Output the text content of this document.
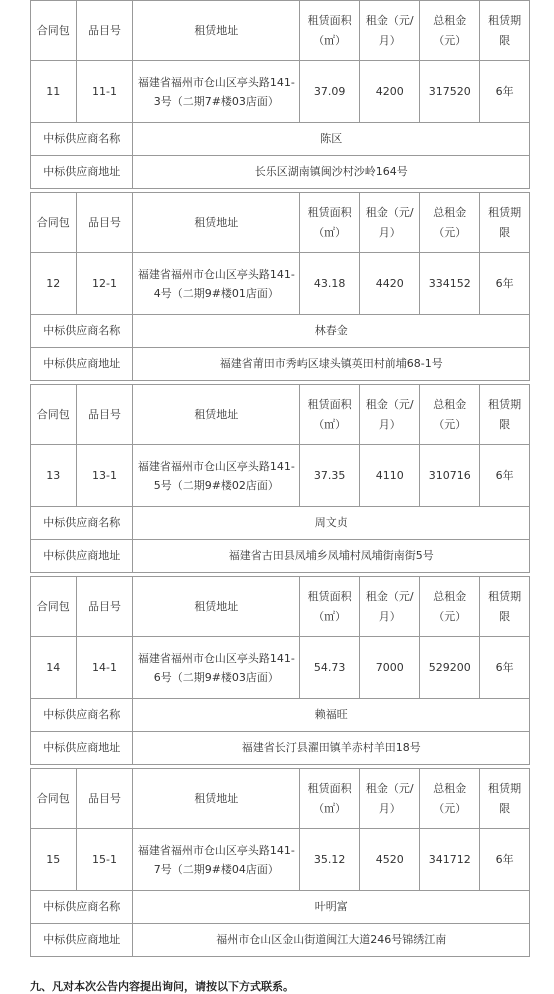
合同包	品目号	租赁地址	租赁面积（㎡）	租金（元/月）	总租金（元）	租赁期限
11	11-1	福建省福州市仓山区亭头路141-3号（二期7#楼03店面）	37.09	4200	317520	6年
中标供应商名称		陈区				
中标供应商地址		长乐区湖南镇闽沙村沙岭164号				
合同包	品目号	租赁地址	租赁面积（㎡）	租金（元/月）	总租金（元）	租赁期限
12	12-1	福建省福州市仓山区亭头路141-4号（二期9#楼01店面）	43.18	4420	334152	6年
中标供应商名称		林春金				
中标供应商地址		福建省莆田市秀屿区埭头镇英田村前埔68-1号				
合同包	品目号	租赁地址	租赁面积（㎡）	租金（元/月）	总租金（元）	租赁期限
13	13-1	福建省福州市仓山区亭头路141-5号（二期9#楼02店面）	37.35	4110	310716	6年
中标供应商名称		周文贞				
中标供应商地址		福建省古田县凤埔乡凤埔村凤埔街南街5号				
合同包	品目号	租赁地址	租赁面积（㎡）	租金（元/月）	总租金（元）	租赁期限
14	14-1	福建省福州市仓山区亭头路141-6号（二期9#楼03店面）	54.73	7000	529200	6年
中标供应商名称		赖福旺				
中标供应商地址		福建省长汀县濯田镇羊赤村羊田18号				
合同包	品目号	租赁地址	租赁面积（㎡）	租金（元/月）	总租金（元）	租赁期限
15	15-1	福建省福州市仓山区亭头路141-7号（二期9#楼04店面）	35.12	4520	341712	6年
中标供应商名称		叶明富				
中标供应商地址		福州市仓山区金山街道闽江大道246号锦绣江南				
九、凡对本次公告内容提出询问，请按以下方式联系。
